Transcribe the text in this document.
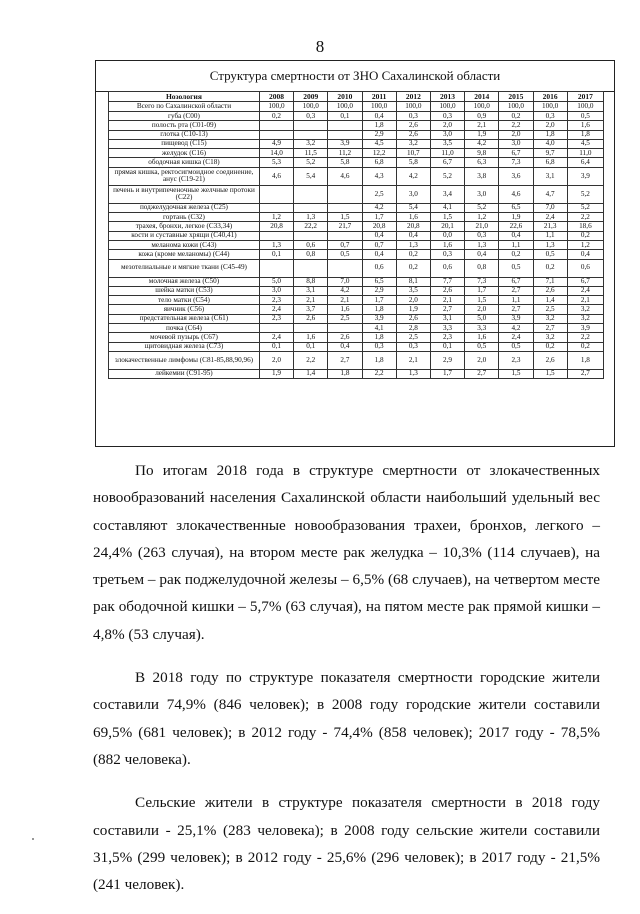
8
Структура смертности от ЗНО Сахалинской области
Нозология	2008	2009	2010	2011	2012	2013	2014	2015	2016	2017
Всего по Сахалинской области	100,0	100,0	100,0	100,0	100,0	100,0	100,0	100,0	100,0	100,0
губа (С00)	0,2	0,3	0,1	0,4	0,3	0,3	0,9	0,2	0,3	0,5
полость рта (С01-09)				1,8	2,6	2,0	2,1	2,2	2,0	1,6
глотка (С10-13)				2,9	2,6	3,0	1,9	2,0	1,8	1,8
пищевод (С15)	4,9	3,2	3,9	4,5	3,2	3,5	4,2	3,0	4,0	4,5
желудок (С16)	14,0	11,5	11,2	12,2	10,7	11,0	9,8	6,7	9,7	11,0
ободочная кишка (С18)	5,3	5,2	5,8	6,8	5,8	6,7	6,3	7,3	6,8	6,4
прямая кишка, ректосигмоидное соединение, анус (С19-21)	4,6	5,4	4,6	4,3	4,2	5,2	3,8	3,6	3,1	3,9
печень и внутрипеченочные желчные протоки (С22)				2,5	3,0	3,4	3,0	4,6	4,7	5,2
поджелудочная железа (С25)				4,2	5,4	4,1	5,2	6,5	7,0	5,2
гортань (С32)	1,2	1,3	1,5	1,7	1,6	1,5	1,2	1,9	2,4	2,2
трахея, бронхи, легкое (С33,34)	20,8	22,2	21,7	20,8	20,8	20,1	21,0	22,6	21,3	18,6
кости и суставные хрящи (С40,41)				0,4	0,4	0,0	0,3	0,4	1,1	0,2
меланома кожи (С43)	1,3	0,6	0,7	0,7	1,3	1,6	1,3	1,1	1,3	1,2
кожа (кроме меланомы) (С44)	0,1	0,8	0,5	0,4	0,2	0,3	0,4	0,2	0,5	0,4
мезотелиальные и мягкие ткани (С45-49)				0,6	0,2	0,6	0,8	0,5	0,2	0,6
молочная железа (С50)	5,0	8,8	7,0	6,5	8,1	7,7	7,3	6,7	7,1	6,7
шейка матки (С53)	3,0	3,1	4,2	2,9	3,5	2,6	1,7	2,7	2,6	2,4
тело матки (С54)	2,3	2,1	2,1	1,7	2,0	2,1	1,5	1,1	1,4	2,1
яичник (С56)	2,4	3,7	1,6	1,8	1,9	2,7	2,0	2,7	2,5	3,2
предстательная железа (С61)	2,3	2,6	2,5	3,9	2,6	3,1	5,0	3,9	3,2	3,2
почка (С64)				4,1	2,8	3,3	3,3	4,2	2,7	3,9
мочевой пузырь (С67)	2,4	1,6	2,6	1,8	2,5	2,3	1,6	2,4	3,2	2,2
щитовидная железа (С73)	0,1	0,1	0,4	0,3	0,3	0,1	0,5	0,5	0,2	0,2
злокачественные лимфомы (С81-85,88,90,96)	2,0	2,2	2,7	1,8	2,1	2,9	2,0	2,3	2,6	1,8
лейкемии (С91-95)	1,9	1,4	1,8	2,2	1,3	1,7	2,7	1,5	1,5	2,7

По итогам 2018 года в структуре смертности от злокачественных новообразований населения Сахалинской области наибольший удельный вес составляют злокачественные новообразования трахеи, бронхов, легкого – 24,4% (263 случая), на втором месте рак желудка – 10,3% (114 случаев), на третьем – рак поджелудочной железы – 6,5% (68 случаев), на четвертом месте рак ободочной кишки – 5,7% (63 случая), на пятом месте рак прямой кишки – 4,8% (53 случая).

В 2018 году по структуре показателя смертности городские жители составили 74,9% (846 человек); в 2008 году городские жители составили 69,5% (681 человек); в 2012 году - 74,4% (858 человек); 2017 году - 78,5% (882 человека).

Сельские жители в структуре показателя смертности в 2018 году составили - 25,1% (283 человека); в 2008 году сельские жители составили 31,5% (299 человек); в 2012 году - 25,6% (296 человек); в 2017 году - 21,5% (241 человек).
